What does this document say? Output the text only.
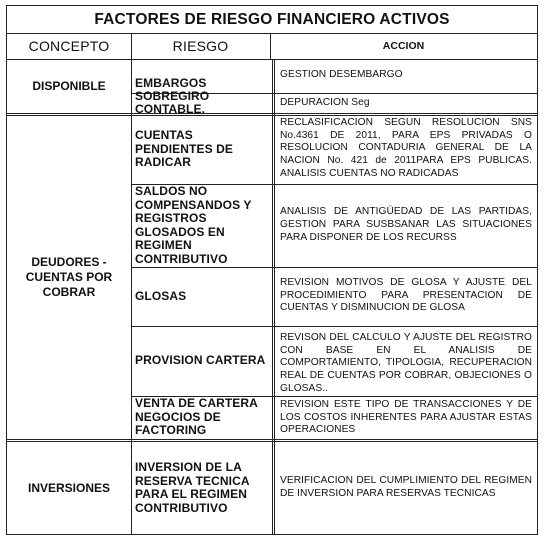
FACTORES DE RIESGO FINANCIERO ACTIVOS
CONCEPTO	RIESGO	ACCION
DISPONIBLE
DEUDORES - CUENTAS POR COBRAR
INVERSIONES
EMBARGOS
SOBREGIRO CONTABLE.
CUENTAS PENDIENTES DE RADICAR
SALDOS NO COMPENSANDOS Y REGISTROS GLOSADOS EN REGIMEN CONTRIBUTIVO
GLOSAS
PROVISION CARTERA
VENTA DE CARTERA NEGOCIOS DE FACTORING
INVERSION DE LA RESERVA TECNICA PARA EL REGIMEN CONTRIBUTIVO
GESTION DESEMBARGO
DEPURACION Seg
RECLASIFICACION SEGUN RESOLUCION SNS No.4361 DE 2011, PARA EPS PRIVADAS O RESOLUCION CONTADURIA GENERAL DE LA NACION No. 421 de 2011PARA EPS PUBLICAS. ANALISIS CUENTAS NO RADICADAS
ANALISIS DE ANTIGÜEDAD DE LAS PARTIDAS, GESTION PARA SUSBSANAR LAS SITUACIONES PARA DISPONER DE LOS RECURSS
REVISION MOTIVOS DE GLOSA Y AJUSTE DEL PROCEDIMIENTO PARA PRESENTACION DE CUENTAS Y DISMINUCION DE GLOSA
REVISON DEL CALCULO Y AJUSTE DEL REGISTRO CON BASE EN EL ANALISIS DE COMPORTAMIENTO, TIPOLOGIA, RECUPERACION REAL DE CUENTAS POR COBRAR, OBJECIONES O GLOSAS..
REVISION ESTE TIPO DE TRANSACCIONES Y DE LOS COSTOS INHERENTES PARA AJUSTAR ESTAS OPERACIONES
VERIFICACION DEL CUMPLIMIENTO DEL REGIMEN DE INVERSION PARA RESERVAS TECNICAS
